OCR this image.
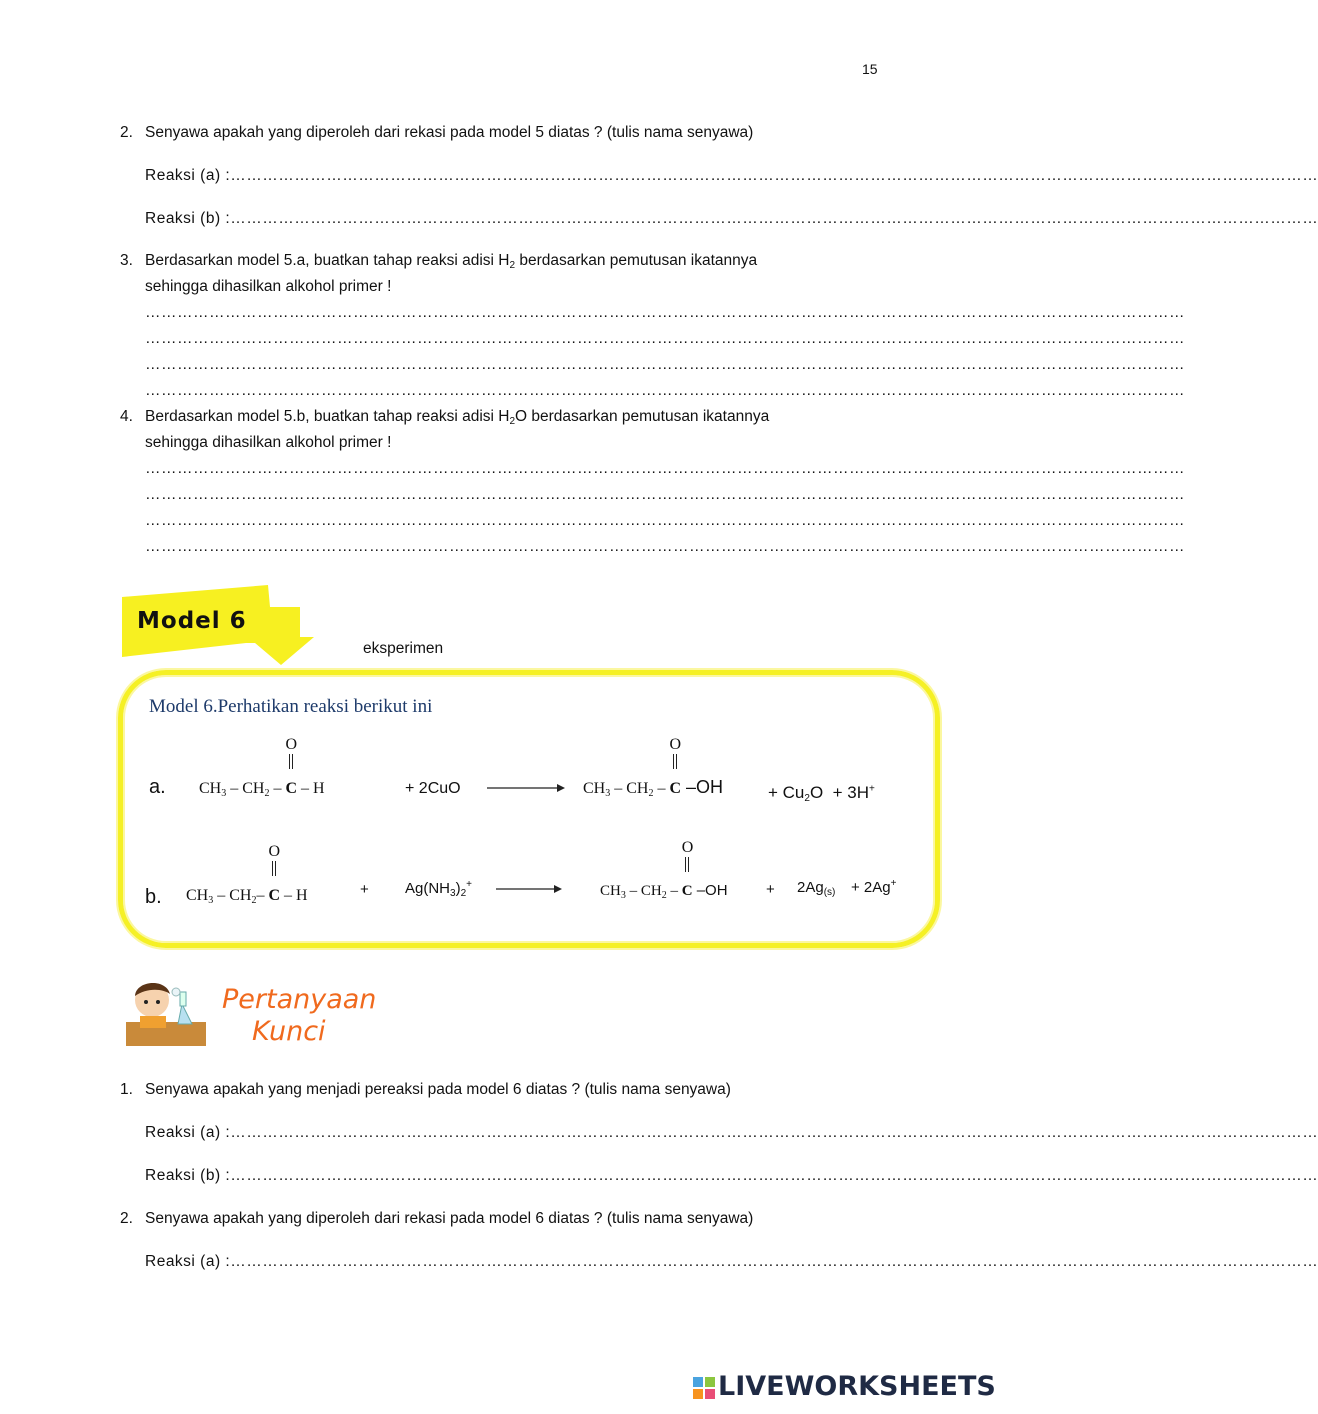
15
2. Senyawa apakah yang diperoleh dari rekasi pada model 5 diatas ? (tulis nama senyawa)
Reaksi (a) :……………………………………………………………………………………………………………………………………………………………………………………
Reaksi (b) :……………………………………………………………………………………………………………………………………………………………………………………
3. Berdasarkan model 5.a, buatkan tahap reaksi adisi $H_2$ berdasarkan pemutusan ikatannya
sehingga dihasilkan alkohol primer !
……………………………………………………………………………………………………………………………………………………………………………
……………………………………………………………………………………………………………………………………………………………………………
……………………………………………………………………………………………………………………………………………………………………………
……………………………………………………………………………………………………………………………………………………………………………
4. Berdasarkan model 5.b, buatkan tahap reaksi adisi $H_2O$ berdasarkan pemutusan ikatannya
sehingga dihasilkan alkohol primer !
……………………………………………………………………………………………………………………………………………………………………………
……………………………………………………………………………………………………………………………………………………………………………
……………………………………………………………………………………………………………………………………………………………………………
……………………………………………………………………………………………………………………………………………………………………………
Model 6
eksperimen
Model 6.Perhatikan reaksi berikut ini
a. $CH_3 - CH_2$ –
O
C – H	+ 2CuO	$CH_3 - CH_2$ –
O
C –OH	+ $Cu_2O + 3H^+$
b. $CH_3 - CH_2-$
O
C – H	+ $Ag(NH_3)_2^+$	$CH_3 - CH_2$ –
O
C –OH	+ $2Ag_{(s)} + 2Ag^+$
Pertanyaan
Kunci
1. Senyawa apakah yang menjadi pereaksi pada model 6 diatas ? (tulis nama senyawa)
Reaksi (a) :……………………………………………………………………………………………………………………………………………………………………………………
Reaksi (b) :……………………………………………………………………………………………………………………………………………………………………………………
2. Senyawa apakah yang diperoleh dari rekasi pada model 6 diatas ? (tulis nama senyawa)
Reaksi (a) :……………………………………………………………………………………………………………………………………………………………………………………
LIVEWORKSHEETS
